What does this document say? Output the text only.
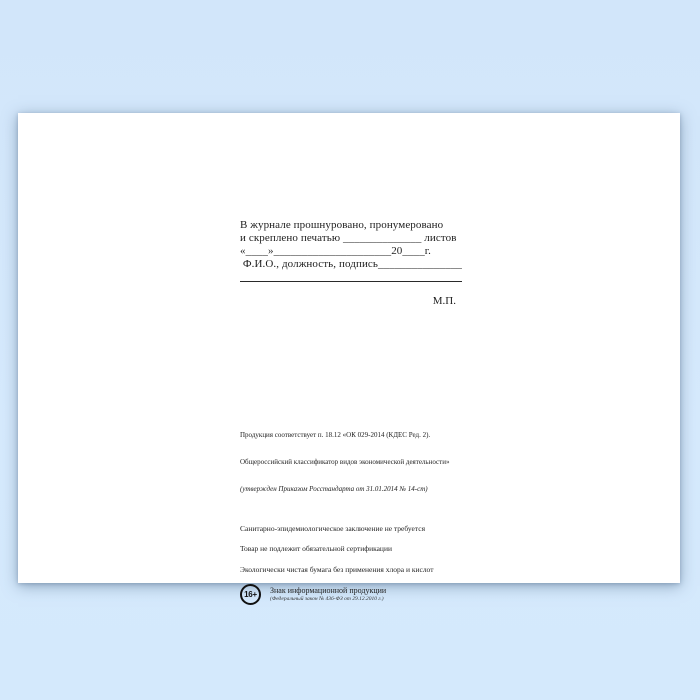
В журнале прошнуровано, пронумеровано
и скреплено печатью ______________ листов
«____»_____________________20____г.
Ф.И.О., должность, подпись_______________
М.П.

Продукция соответствует п. 18.12 «ОК 029-2014 (КДЕС Ред. 2).

Общероссийский классификатор видов экономической деятельности»

(утвержден Приказом Росстандарта от 31.01.2014 № 14-ст)

Санитарно-эпидемиологическое заключение не требуется
Товар не подлежит обязательной сертификации
Экологически чистая бумага без применения хлора и кислот
16+	Знак информационной продукции
(Федеральный закон № 436-ФЗ от 29.12.2010 г.)
